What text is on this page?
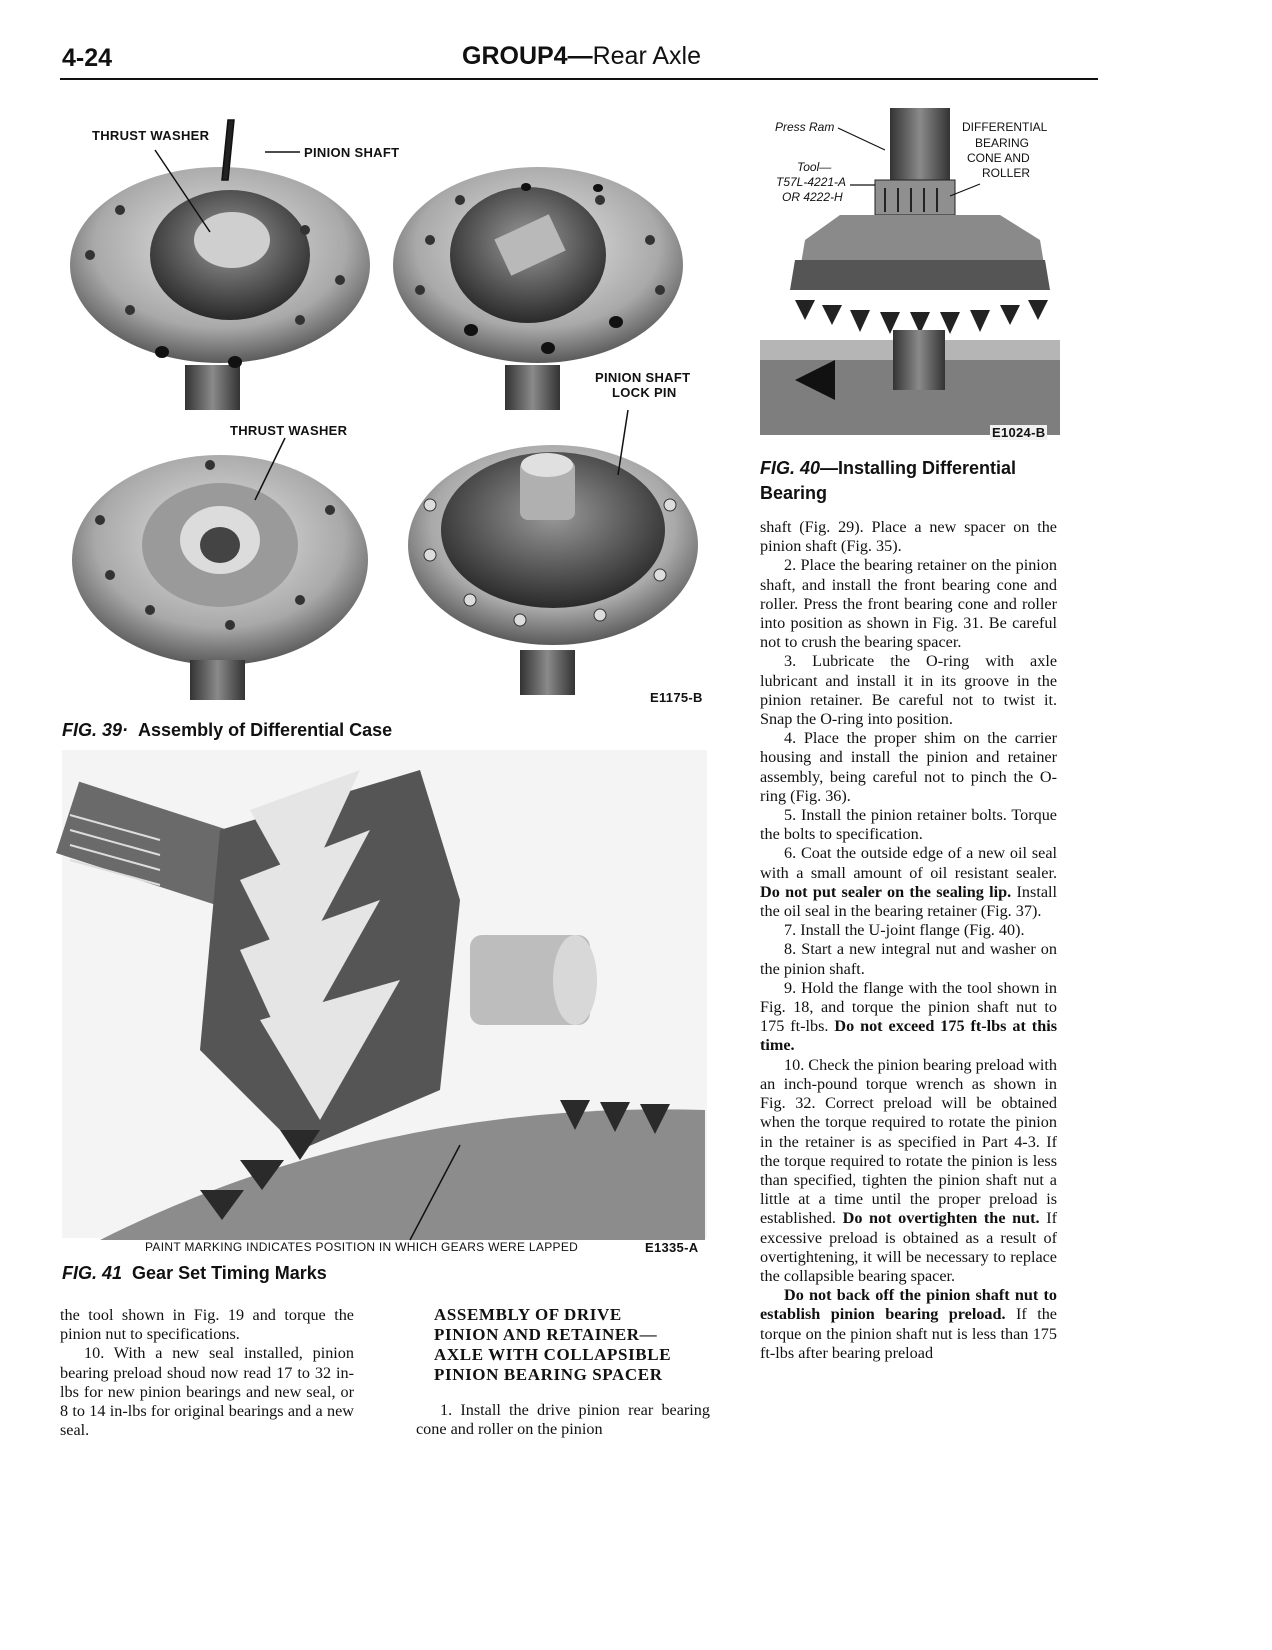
4-24	GROUP4—Rear Axle
THRUST WASHER
PINION SHAFT
THRUST WASHER
PINION SHAFT
LOCK PIN
E1175-B
FIG. 39· Assembly of Differential Case
Press Ram
Tool—
T57L-4221-A
OR 4222-H
DIFFERENTIAL
BEARING
CONE AND
ROLLER
E1024-B
FIG. 40—Installing Differential
Bearing
PAINT MARKING INDICATES POSITION IN WHICH GEARS WERE LAPPED	E1335-A
FIG. 41 Gear Set Timing Marks

the tool shown in Fig. 19 and torque the pinion nut to specifications.

10. With a new seal installed, pinion bearing preload shoud now read 17 to 32 in-lbs for new pinion bearings and new seal, or 8 to 14 in-lbs for original bearings and a new seal.

ASSEMBLY OF DRIVE
PINION AND RETAINER—
AXLE WITH COLLAPSIBLE
PINION BEARING SPACER

1. Install the drive pinion rear bearing cone and roller on the pinion

shaft (Fig. 29). Place a new spacer on the pinion shaft (Fig. 35).

2. Place the bearing retainer on the pinion shaft, and install the front bearing cone and roller. Press the front bearing cone and roller into position as shown in Fig. 31. Be careful not to crush the bearing spacer.

3. Lubricate the O-ring with axle lubricant and install it in its groove in the pinion retainer. Be careful not to twist it. Snap the O-ring into position.

4. Place the proper shim on the carrier housing and install the pinion and retainer assembly, being careful not to pinch the O-ring (Fig. 36).

5. Install the pinion retainer bolts. Torque the bolts to specification.

6. Coat the outside edge of a new oil seal with a small amount of oil resistant sealer. Do not put sealer on the sealing lip. Install the oil seal in the bearing retainer (Fig. 37).

7. Install the U-joint flange (Fig. 40).

8. Start a new integral nut and washer on the pinion shaft.

9. Hold the flange with the tool shown in Fig. 18, and torque the pinion shaft nut to 175 ft-lbs. Do not exceed 175 ft-lbs at this time.

10. Check the pinion bearing preload with an inch-pound torque wrench as shown in Fig. 32. Correct preload will be obtained when the torque required to rotate the pinion in the retainer is as specified in Part 4-3. If the torque required to rotate the pinion is less than specified, tighten the pinion shaft nut a little at a time until the proper preload is established. Do not overtighten the nut. If excessive preload is obtained as a result of overtightening, it will be necessary to replace the collapsible bearing spacer.

Do not back off the pinion shaft nut to establish pinion bearing preload. If the torque on the pinion shaft nut is less than 175 ft-lbs after bearing preload
